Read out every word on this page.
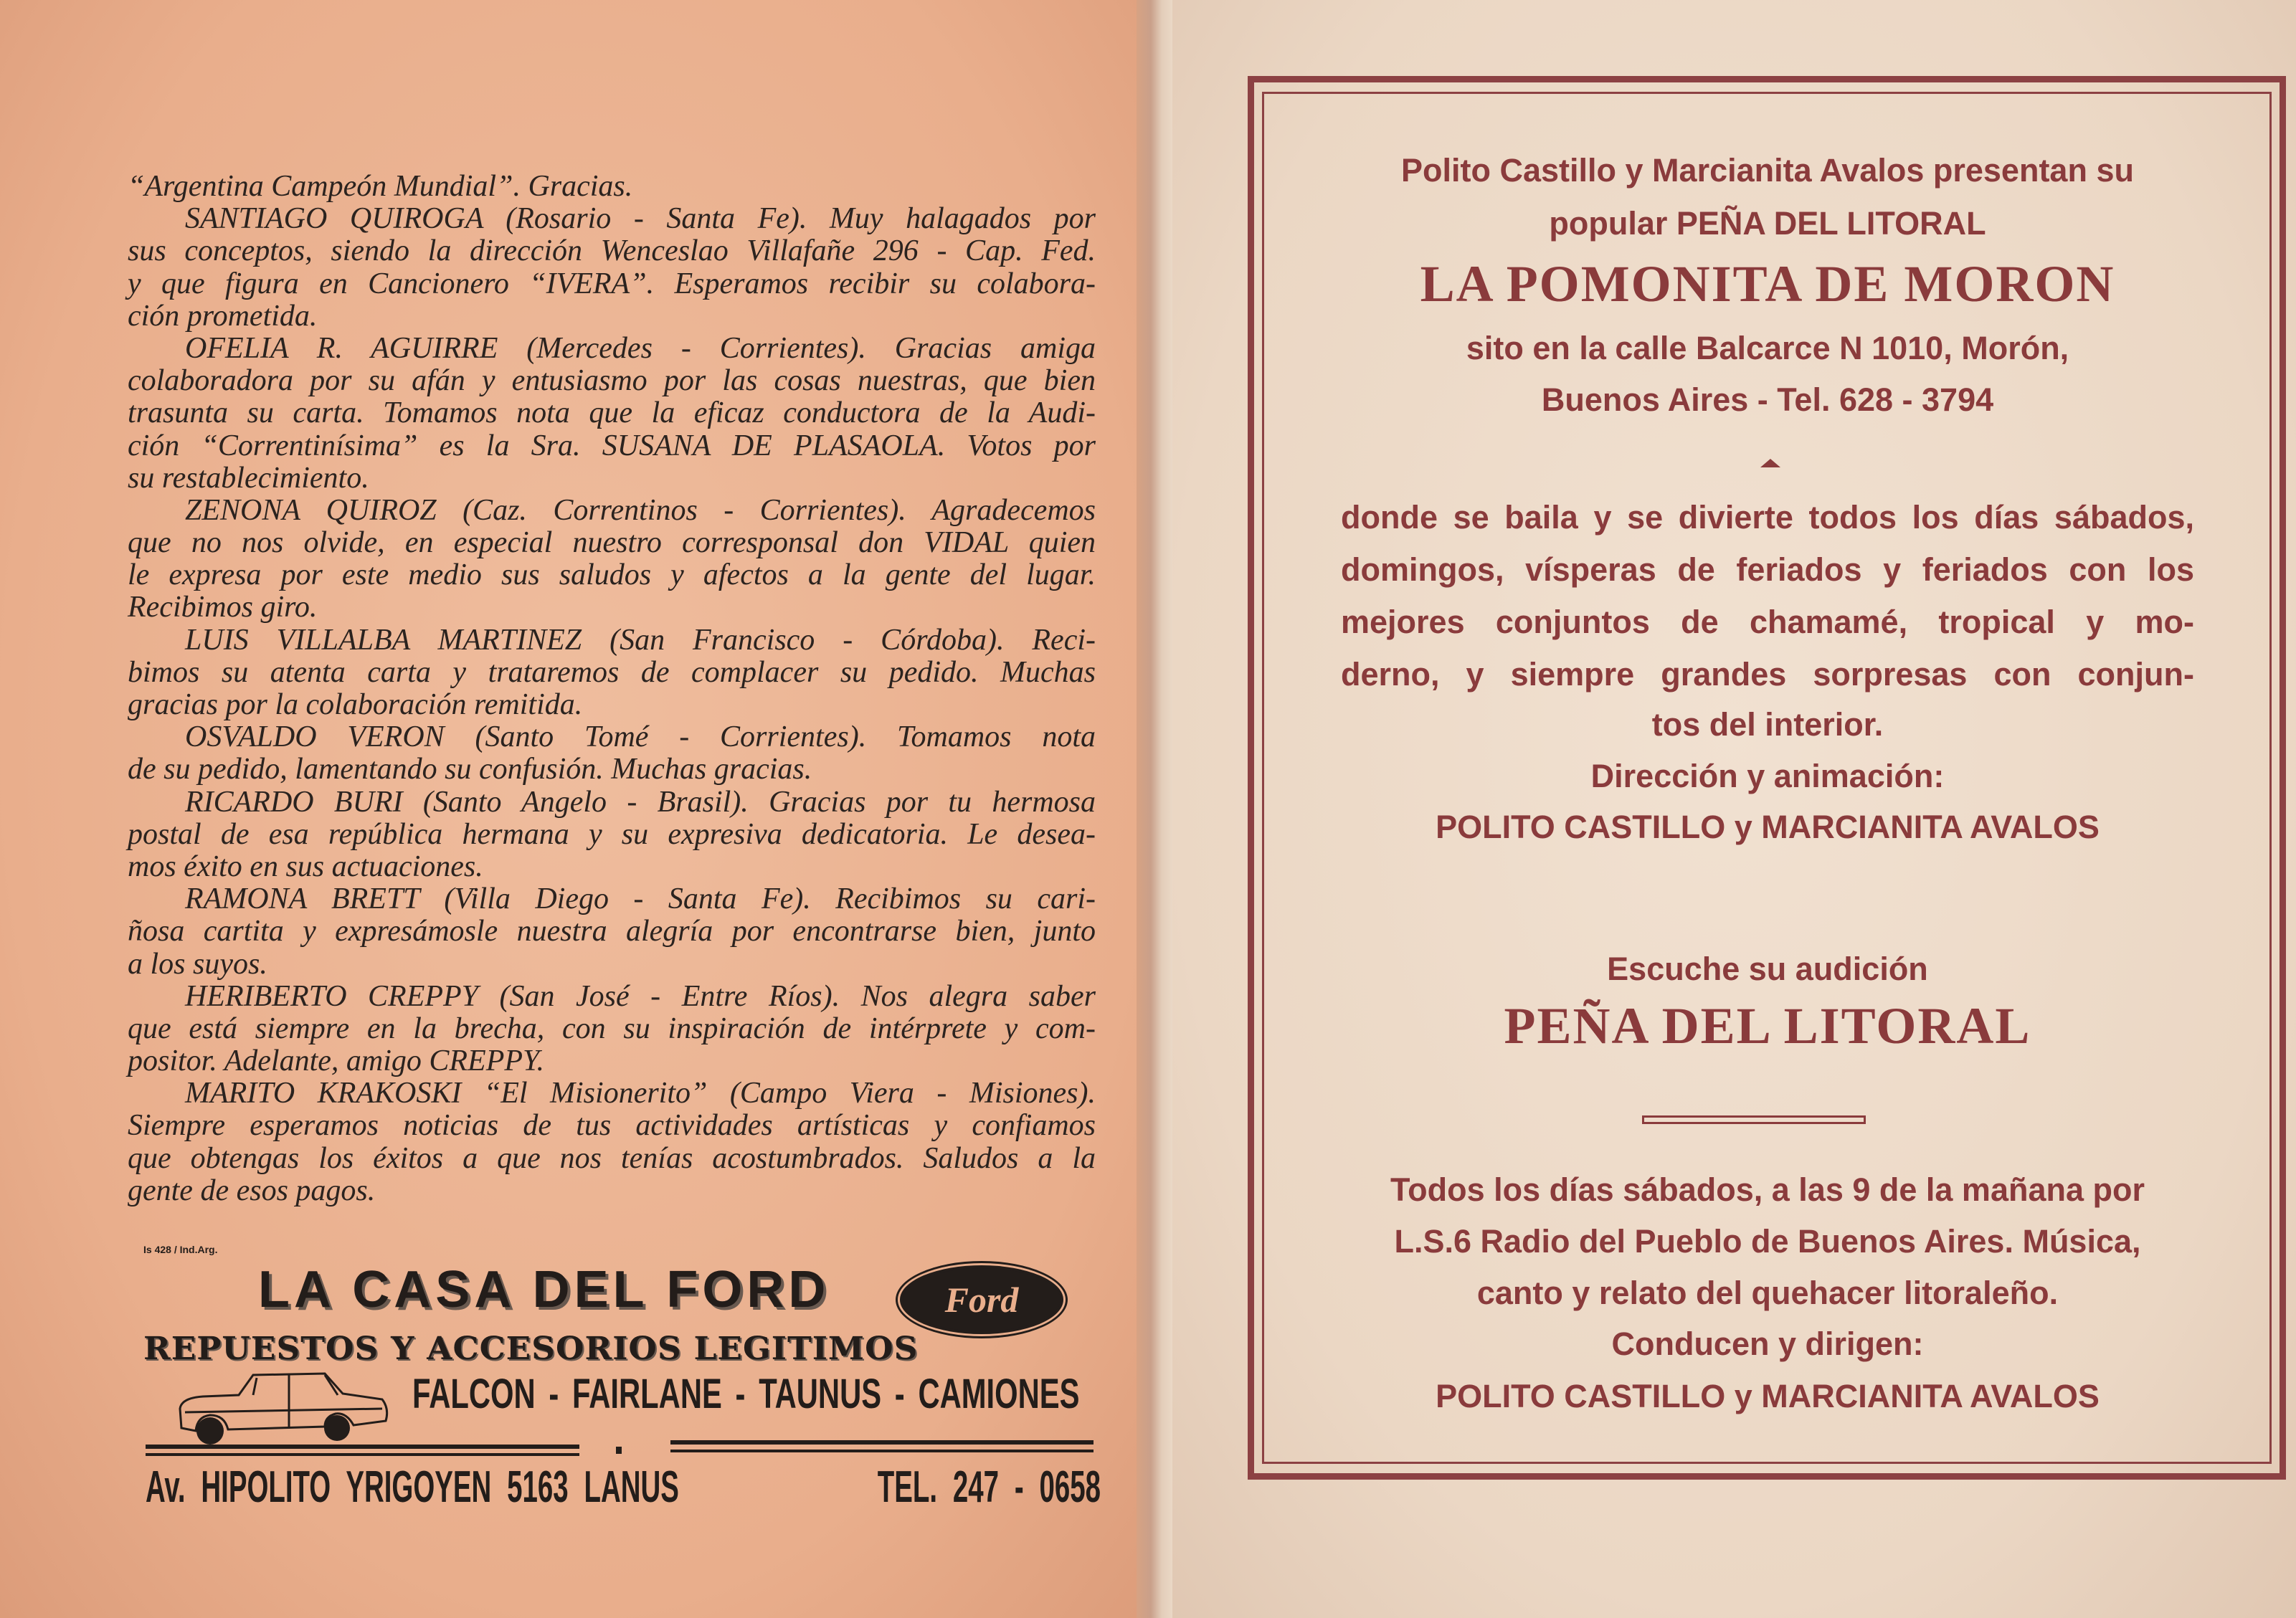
“Argentina Campeón Mundial”. Gracias.
SANTIAGO QUIROGA (Rosario - Santa Fe). Muy halagados por
sus conceptos, siendo la dirección Wenceslao Villafañe 296 - Cap. Fed.
y que figura en Cancionero “IVERA”. Esperamos recibir su colabora-
ción prometida.
OFELIA R. AGUIRRE (Mercedes - Corrientes). Gracias amiga
colaboradora por su afán y entusiasmo por las cosas nuestras, que bien
trasunta su carta. Tomamos nota que la eficaz conductora de la Audi-
ción “Correntinísima” es la Sra. SUSANA DE PLASAOLA. Votos por
su restablecimiento.
ZENONA QUIROZ (Caz. Correntinos - Corrientes). Agradecemos
que no nos olvide, en especial nuestro corresponsal don VIDAL quien
le expresa por este medio sus saludos y afectos a la gente del lugar.
Recibimos giro.
LUIS VILLALBA MARTINEZ (San Francisco - Córdoba). Reci-
bimos su atenta carta y trataremos de complacer su pedido. Muchas
gracias por la colaboración remitida.
OSVALDO VERON (Santo Tomé - Corrientes). Tomamos nota
de su pedido, lamentando su confusión. Muchas gracias.
RICARDO BURI (Santo Angelo - Brasil). Gracias por tu hermosa
postal de esa república hermana y su expresiva dedicatoria. Le desea-
mos éxito en sus actuaciones.
RAMONA BRETT (Villa Diego - Santa Fe). Recibimos su cari-
ñosa cartita y expresámosle nuestra alegría por encontrarse bien, junto
a los suyos.
HERIBERTO CREPPY (San José - Entre Ríos). Nos alegra saber
que está siempre en la brecha, con su inspiración de intérprete y com-
positor. Adelante, amigo CREPPY.
MARITO KRAKOSKI “El Misionerito” (Campo Viera - Misiones).
Siempre esperamos noticias de tus actividades artísticas y confiamos
que obtengas los éxitos a que nos tenías acostumbrados. Saludos a la
gente de esos pagos.
Is 428 / Ind.Arg.
LA CASA DEL FORD	Ford
REPUESTOS Y ACCESORIOS LEGITIMOS
FALCON - FAIRLANE - TAUNUS - CAMIONES
Av. HIPOLITO YRIGOYEN 5163 LANUS	TEL. 247 - 0658
Polito Castillo y Marcianita Avalos presentan su
popular PEÑA DEL LITORAL
LA POMONITA DE MORON
sito en la calle Balcarce N 1010, Morón,
Buenos Aires - Tel. 628 - 3794
donde se baila y se divierte todos los días sábados,
domingos, vísperas de feriados y feriados con los
mejores conjuntos de chamamé, tropical y mo-
derno, y siempre grandes sorpresas con conjun-
tos del interior.
Dirección y animación:
POLITO CASTILLO y MARCIANITA AVALOS
Escuche su audición
PEÑA DEL LITORAL
Todos los días sábados, a las 9 de la mañana por
L.S.6 Radio del Pueblo de Buenos Aires. Música,
canto y relato del quehacer litoraleño.
Conducen y dirigen:
POLITO CASTILLO y MARCIANITA AVALOS
